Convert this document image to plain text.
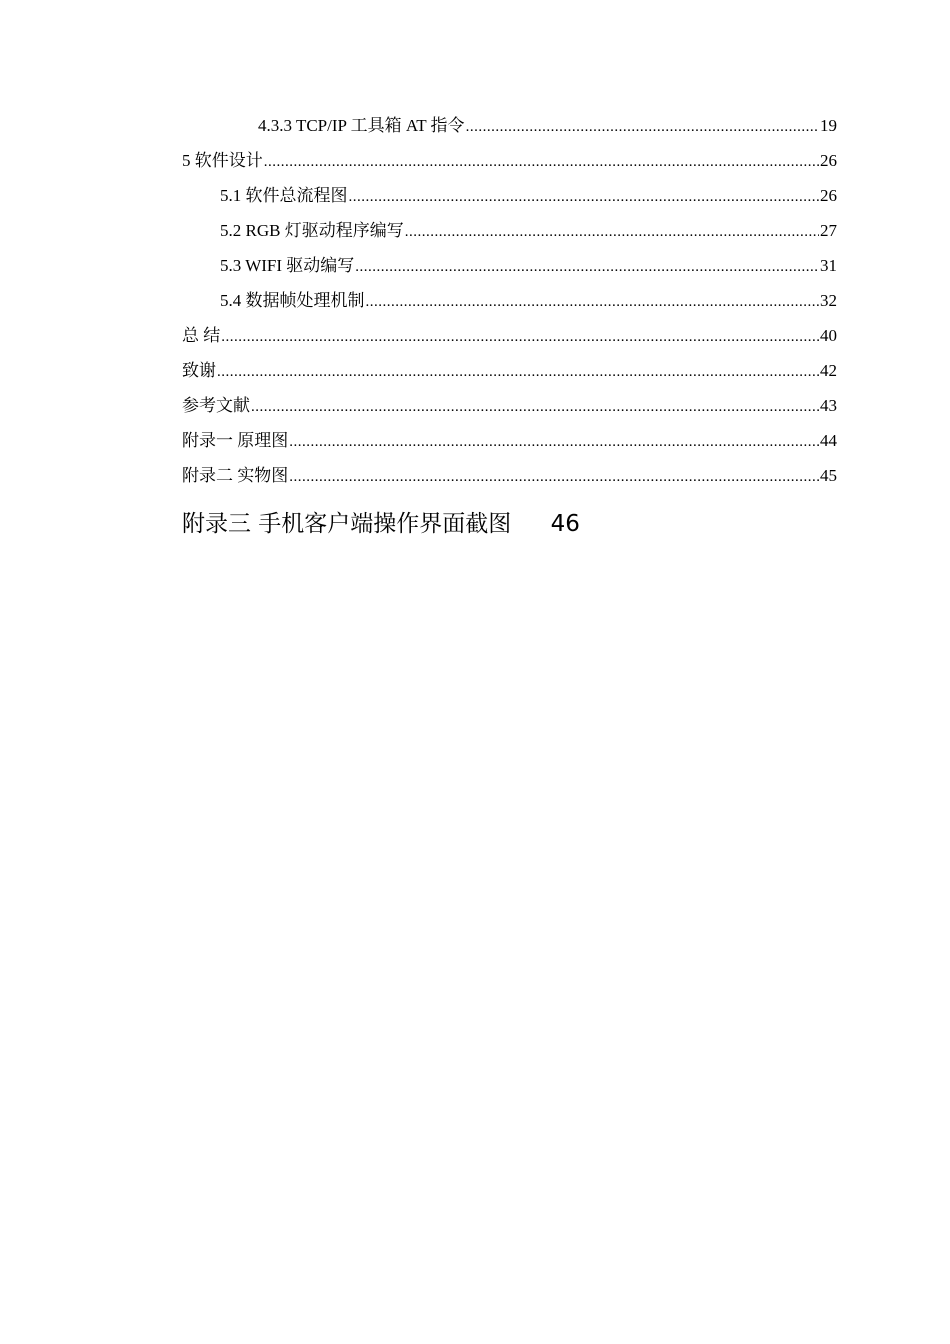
4.3.3 TCP/IP 工具箱 AT 指令 .....	19
5 软件设计 .....	26
5.1 软件总流程图 .....	26
5.2 RGB 灯驱动程序编写 .....	27
5.3 WIFI 驱动编写 .....	31
5.4 数据帧处理机制 .....	32
总 结 .....	40
致谢 .....	42
参考文献 .....	43
附录一 原理图 .....	44
附录二 实物图 .....	45
附录三 手机客户端操作界面截图 46
